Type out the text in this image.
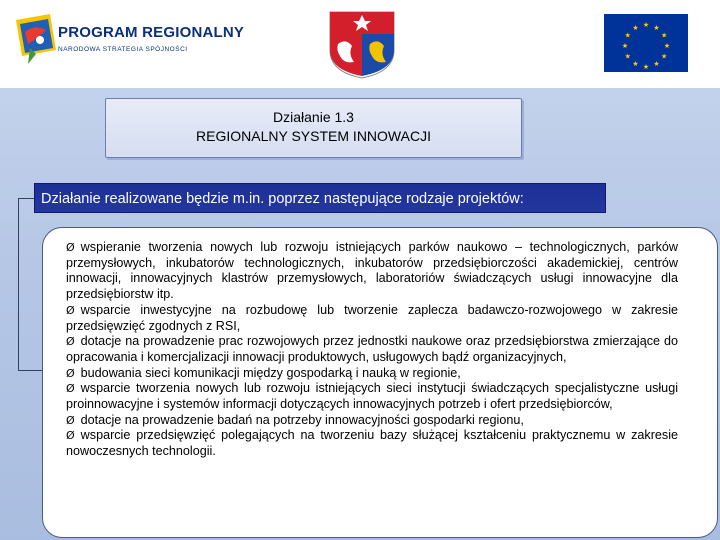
PROGRAM REGIONALNY
NARODOWA STRATEGIA SPÓJNOŚCI
★ ★
★
★
★
★
★
★
★
★
★
★
Działanie 1.3
REGIONALNY SYSTEM INNOWACJI
Działanie realizowane będzie m.in. poprzez następujące rodzaje projektów:
Ø wspieranie tworzenia nowych lub rozwoju istniejących parków naukowo – technologicznych, parków przemysłowych, inkubatorów technologicznych, inkubatorów przedsiębiorczości akademickiej, centrów innowacji, innowacyjnych klastrów przemysłowych, laboratoriów świadczących usługi innowacyjne dla przedsiębiorstw itp.
Ø wsparcie inwestycyjne na rozbudowę lub tworzenie zaplecza badawczo-rozwojowego w zakresie przedsięwzięć zgodnych z RSI,
Ø dotacje na prowadzenie prac rozwojowych przez jednostki naukowe oraz przedsiębiorstwa zmierzające do opracowania i komercjalizacji innowacji produktowych, usługowych bądź organizacyjnych,
Ø budowania sieci komunikacji między gospodarką i nauką w regionie,
Ø wsparcie tworzenia nowych lub rozwoju istniejących sieci instytucji świadczących specjalistyczne usługi proinnowacyjne i systemów informacji dotyczących innowacyjnych potrzeb i ofert przedsiębiorców,
Ø dotacje na prowadzenie badań na potrzeby innowacyjności gospodarki regionu,
Ø wsparcie przedsięwzięć polegających na tworzeniu bazy służącej kształceniu praktycznemu w zakresie nowoczesnych technologii.
